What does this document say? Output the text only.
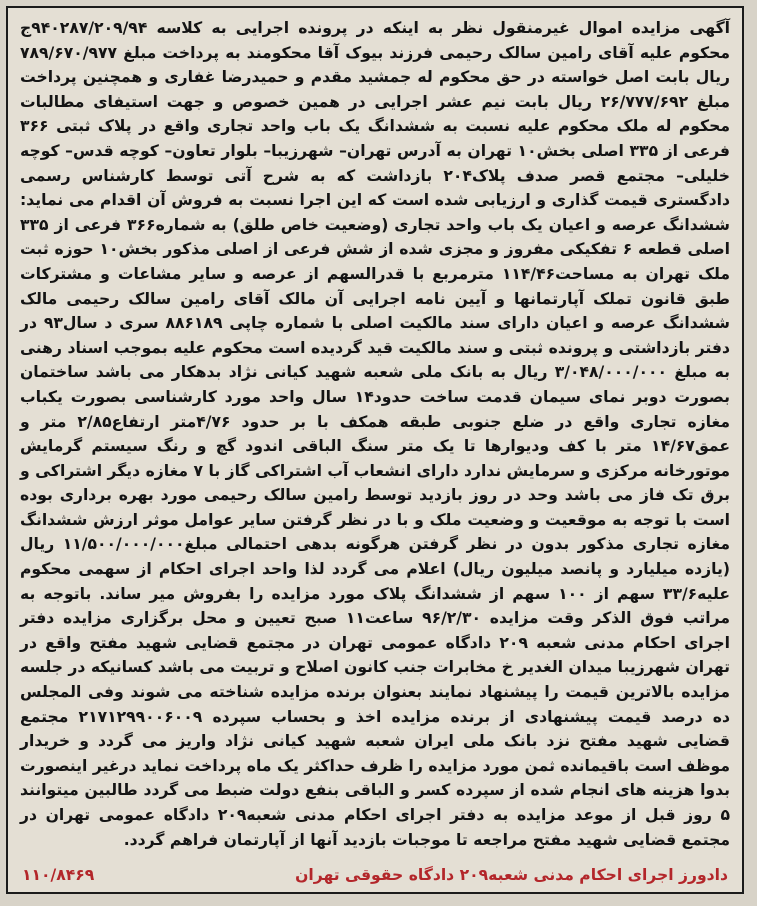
آگهی مزایده اموال غیرمنقول نظر به اینکه در پرونده اجرایی به کلاسه ۹۴۰۲۸۷/۲۰۹/۹۴ج محکوم علیه آقای رامین سالک رحیمی فرزند بیوک آقا محکومند به پرداخت مبلغ ۷۸۹/۶۷۰/۹۷۷ ریال بابت اصل خواسته در حق محکوم له جمشید مقدم و حمیدرضا غفاری و همچنین پرداخت مبلغ ۲۶/۷۷۷/۶۹۲ ریال بابت نیم عشر اجرایی در همین خصوص و جهت استیفای مطالبات محکوم له ملک محکوم علیه نسبت به ششدانگ یک باب واحد تجاری واقع در پلاک ثبتی ۳۶۶ فرعی از ۳۳۵ اصلی بخش۱۰ تهران به آدرس تهران– شهرزیبا– بلوار تعاون– کوچه قدس– کوچه خلیلی– مجتمع قصر صدف پلاک۲۰۴ بازداشت که به شرح آتی توسط کارشناس رسمی دادگستری قیمت گذاری و ارزیابی شده است که این اجرا نسبت به فروش آن اقدام می نماید: ششدانگ عرصه و اعیان یک باب واحد تجاری (وضعیت خاص طلق) به شماره۳۶۶ فرعی از ۳۳۵ اصلی قطعه ۶ تفکیکی مفروز و مجزی شده از شش فرعی از اصلی مذکور بخش۱۰ حوزه ثبت ملک تهران به مساحت۱۱۴/۴۶ مترمربع با قدرالسهم از عرصه و سایر مشاعات و مشترکات طبق قانون تملک آپارتمانها و آیین نامه اجرایی آن مالک آقای رامین سالک رحیمی مالک ششدانگ عرصه و اعیان دارای سند مالکیت اصلی با شماره چاپی ۸۸۶۱۸۹ سری د سال۹۳ در دفتر بازداشتی و پرونده ثبتی و سند مالکیت قید گردیده است محکوم علیه بموجب اسناد رهنی به مبلغ ۳/۰۴۸/۰۰۰/۰۰۰ ریال به بانک ملی شعبه شهید کیانی نژاد بدهکار می باشد ساختمان بصورت دوبر نمای سیمان قدمت ساخت حدود۱۴ سال واحد مورد کارشناسی بصورت یکباب مغازه تجاری واقع در ضلع جنوبی طبقه همکف با بر حدود ۴/۷۶متر ارتفاع۲/۸۵ متر و عمق۱۴/۶۷ متر با کف ودیوارها تا یک متر سنگ الباقی اندود گچ و رنگ سیستم گرمایش موتورخانه مرکزی و سرمایش ندارد دارای انشعاب آب اشتراکی گاز با ۷ مغازه دیگر اشتراکی و برق تک فاز می باشد وحد در روز بازدید توسط رامین سالک رحیمی مورد بهره برداری بوده است با توجه به موقعیت و وضعیت ملک و با در نظر گرفتن سایر عوامل موثر ارزش ششدانگ مغازه تجاری مذکور بدون در نظر گرفتن هرگونه بدهی احتمالی مبلغ۱۱/۵۰۰/۰۰۰/۰۰۰ ریال (یازده میلیارد و پانصد میلیون ریال) اعلام می گردد لذا واحد اجرای احکام از سهمی محکوم علیه۳۳/۶ سهم از ۱۰۰ سهم از ششدانگ پلاک مورد مزایده را بفروش میر ساند. باتوجه به مراتب فوق الذکر وقت مزایده ۹۶/۲/۳۰ ساعت۱۱ صبح تعیین و محل برگزاری مزایده دفتر اجرای احکام مدنی شعبه ۲۰۹ دادگاه عمومی تهران در مجتمع قضایی شهید مفتح واقع در تهران شهرزیبا میدان الغدیر خ مخابرات جنب کانون اصلاح و تربیت می باشد کسانیکه در جلسه مزایده بالاترین قیمت را پیشنهاد نمایند بعنوان برنده مزایده شناخته می شوند وفی المجلس ده درصد قیمت پیشنهادی از برنده مزایده اخذ و بحساب سپرده ۲۱۷۱۲۹۹۰۰۶۰۰۹ مجتمع قضایی شهید مفتح نزد بانک ملی ایران شعبه شهید کیانی نژاد واریز می گردد و خریدار موظف است باقیمانده ثمن مورد مزایده را ظرف حداکثر یک ماه پرداخت نماید درغیر اینصورت بدوا هزینه های انجام شده از سپرده کسر و الباقی بنفع دولت ضبط می گردد طالبین میتوانند ۵ روز قبل از موعد مزایده به دفتر اجرای احکام مدنی شعبه۲۰۹ دادگاه عمومی تهران در مجتمع قضایی شهید مفتح مراجعه تا موجبات بازدید آنها از آپارتمان فراهم گردد.

دادورز اجرای احکام مدنی شعبه۲۰۹ دادگاه حقوقی تهران
۱۱۰/۸۴۶۹
